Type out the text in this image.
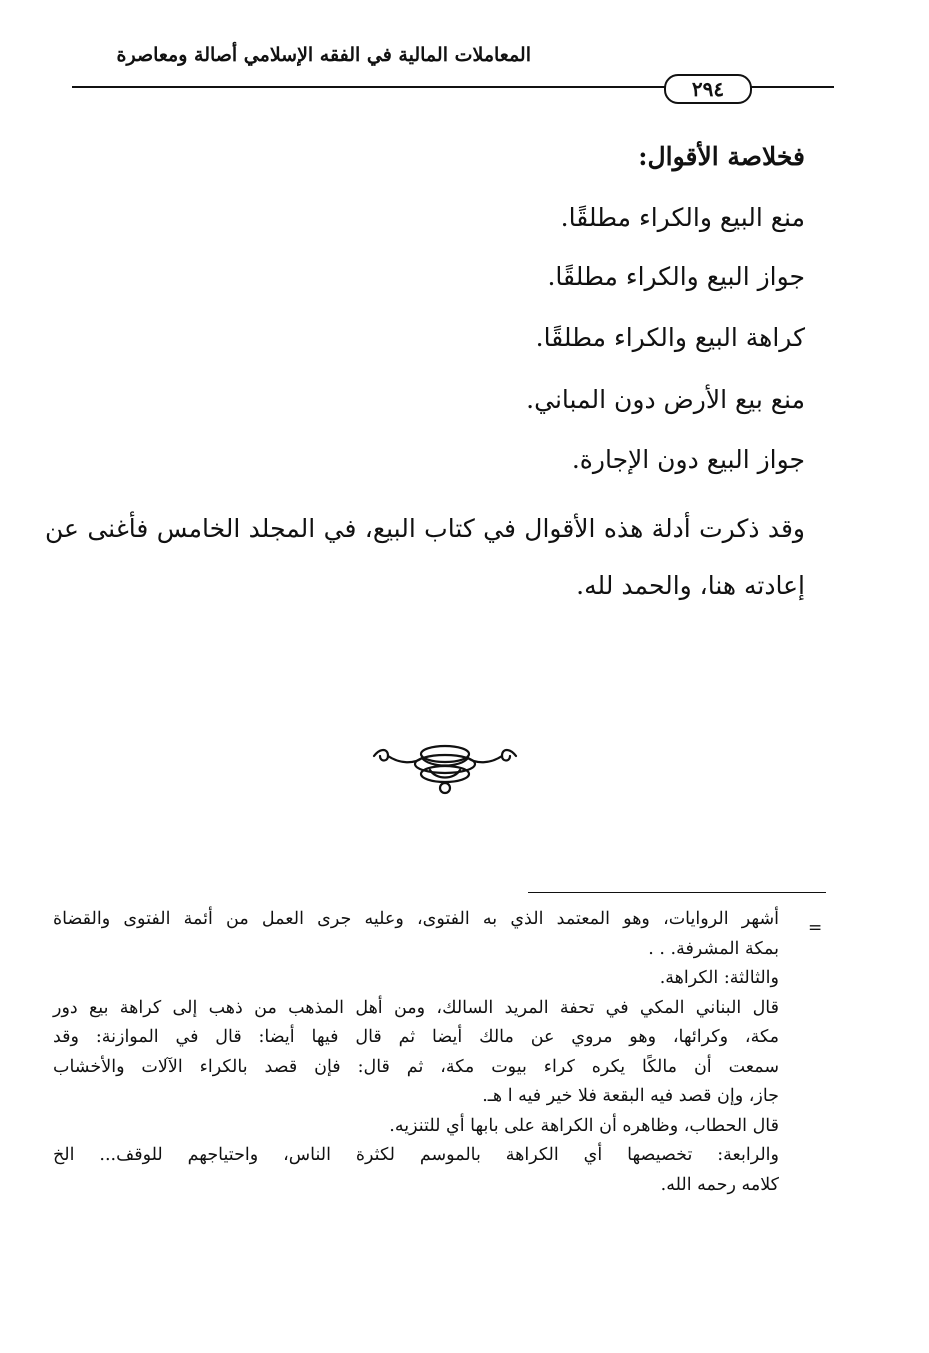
المعاملات المالية في الفقه الإسلامي أصالة ومعاصرة
٢٩٤
فخلاصة الأقوال:
منع البيع والكراء مطلقًا.
جواز البيع والكراء مطلقًا.
كراهة البيع والكراء مطلقًا.
منع بيع الأرض دون المباني.
جواز البيع دون الإجارة.
وقد ذكرت أدلة هذه الأقوال في كتاب البيع، في المجلد الخامس فأغنى عن إعادته هنا، والحمد لله.
=
أشهر الروايات، وهو المعتمد الذي به الفتوى، وعليه جرى العمل من أئمة الفتوى والقضاة
بمكة المشرفة. . .
والثالثة: الكراهة.
قال البناني المكي في تحفة المريد السالك، ومن أهل المذهب من ذهب إلى كراهة بيع دور
مكة، وكرائها، وهو مروي عن مالك أيضا ثم قال فيها أيضا: قال في الموازنة: وقد
سمعت أن مالكًا يكره كراء بيوت مكة، ثم قال: فإن قصد بالكراء الآلات والأخشاب
جاز، وإن قصد فيه البقعة فلا خير فيه ا هـ.
قال الحطاب، وظاهره أن الكراهة على بابها أي للتنزيه.
والرابعة: تخصيصها أي الكراهة بالموسم لكثرة الناس، واحتياجهم للوقف... الخ
كلامه رحمه الله.
